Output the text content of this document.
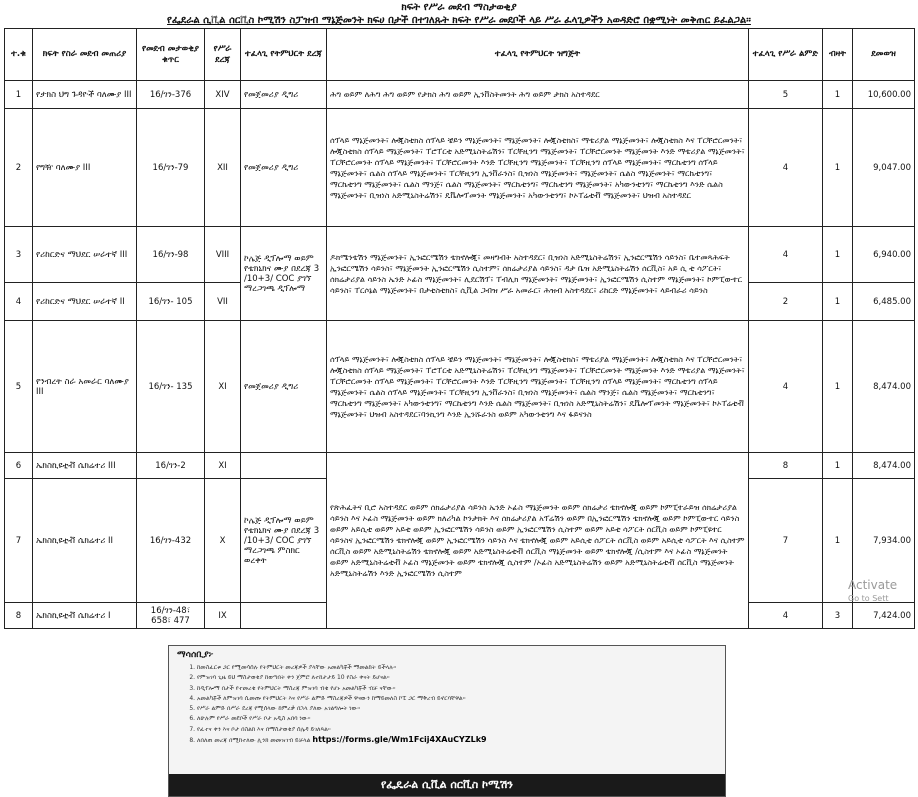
ክፍት የሥራ መደብ ማስታወቂያ
የፌደራል ሲቪል ሰርቪስ ኮሚሽን ስፓዝብ ማኔጅመንት ክፍሀ በታች በተገለጹት ክፍት የሥራ መደቦች ላይ ሥራ ፈላጊዎችን አወዳድሮ በቋሚነት መቅጠር ይፈልጋል።
ተ.ቁ	ክፍት የስራ መደብ መጠሪያ	የመደብ መታወቂያ ቁጥር	የሥራ ደረጃ	ተፈላጊ የትምህርት ደረጃ	ተፈላጊ የትምህርት ዝግጅት	ተፈላጊ የሥራ ልምድ	ብዛት	ደመወዝ
1	የታክስ ህግ ጉዳዮች ባለሙያ III	16/ገን-376	XIV	የመጀመሪያ ዲግሪ	ሕግ ወይም ለሕግ ሕግ ወይም የታክስ ሕግ ወይም ኢንቨስትመንት ሕግ ወይም ታክስ አስተዳደር	5	1	10,600.00
2	የግዥ ባለሙያ III	16/ገን-79	XII	የመጀመሪያ ዲግሪ	ሰፕላይ ማኔጅመንት፣ ሎጂስቲክስ ሰፕላይ ቼይን ማኔጅመንት፣ ማኔጅመንት፣ ሎጂስቲክስ፣ ማቴሪያል ማኔጅመንት፣ ሎጂስቲክስ እና ፐርቸሮርመንት፣ ሎጂስቲክስ ሰፕላይ ማኔጅመንት፣ ፐሮፐርቲ አድሚኒስትሬሽን፣ ፐርቸዚንግ ማኔጅመንት፣ ፐርቸሮርመንት ማኔጅመንት እንድ ማቴሪያል ማኔጅመንት፣ ፐርቸሮርመንት ሰፕላይ ማኔጅመንት፣ ፐርቸሮርመንት እንድ ፐርቸዚንግ ማኔጅመንት፣ ፐርቸዚንግ ሰፕላይ ማኔጅመንት፣ ማርኬቲንግ ሰፕላይ ማኔጅመንት፣ ሴልስ ሰፕላይ ማኔጅመንት፣ ፐርቸዚንግ ኢንቨራንስ፣ ቢዝነስ ማኔጅመንት፣ ማኔጅመንት፣ ሴልስ ማኔጅመንት፣ ማርኬቲንግ፣ ማርኬቲንግ ማኔጅመንት፣ ሴልስ ማንጅ፣ ሴልስ ማኔጅመንት፣ ማርኬቲንግ፣ ማርኬቲንግ ማኔጅመንት፣ አካውንቲንግ፣ ማርኬቲንግ እንድ ሴልስ ማኔጅመንት፣ ቢዝነስ አድሚኒስትሬሽን፣ ዴቬሎፕመንት ማኔጅመንት፣ አካውንቲንግ፣ ኮኦፐሬቲቭ ማኔጅመንት፣ ህዝብ አስተዳደር	4	1	9,047.00
3	የሪከርድና ማህደር ሠራተኛ III	16/ገን-98	VIII	ኮሌጅ ዲፕሎማ ወይም የቴክኒክና ሙያ በደረጃ 3 /10+3/ COC ያገኘ ማረጋገጫ ዲፕሎማ	ዶክሜንቴሽን ማኔጅመንት፣ ኢንፎርሜሽን ቴክኖሎጂ፣ መዛግብት አስተዳደር፣ ቢዝነስ አድሚኒስትሬሽን፣ ኢንፎርሜሽን ሳይንስ፣ ቤተመጻሕፍት ኢንፎርሜሽን ሳይንስ፣ ማኔጅመንት ኢንፎርሜሽን ሲስተም፣ ሰክሬታሪያል ሳይንስ፣ ዳታ ቤዝ አድሚኒስትሬሽን ሰርቪስ፣ አይ ሲ ቲ ሳፖርት፣ ሰክሬታሪያል ሳይንስ ኤንድ ኦፊስ ማኔጅመንት፣ ሊደርሽፕ፣ ፐብሊክ ማኔጅመንት፣ ማኔጅመንት፣ ኢንፎርሜሽን ሲስተም ማኔጅመንት፣ ኮምፒውተር ሳይንስ፣ ፐርሶኔል ማኔጅመንት፣ በታቲስቲክስ፣ ሲቪል ጋብዝ ሥራ አመራር፣ ሕዝብ አስተዳደር፣ ሪከርድ ማኔጅመንት፣ ላይብራሪ ሳይንስ	4	1	6,940.00
4	የሪከርድና ማህደር ሠራተኛ II	16/ገን- 105	VII			2	1	6,485.00
5	የንብረት ስራ አመራር ባለሙያ III	16/ገን- 135	XI	የመጀመሪያ ዲግሪ	ሰፕላይ ማኔጅመንት፣ ሎጂስቲክስ ሰፕላይ ቼይን ማኔጅመንት፣ ማኔጅመንት፣ ሎጂስቲክስ፣ ማቴሪያል ማኔጅመንት፣ ሎጂስቲክስ እና ፐርቸሮርመንት፣ ሎጂስቲክስ ሰፕላይ ማኔጅመንት፣ ፐሮፐርቲ አድሚኒስትሬሽን፣ ፐርቸዚንግ ማኔጅመንት፣ ፐርቸሮርመንት ማኔጅመንት እንድ ማቴሪያል ማኔጅመንት፣ ፐርቸሮርመንት ሰፕላይ ማኔጅመንት፣ ፐርቸሮርመንት እንድ ፐርቸዚንግ ማኔጅመንት፣ ፐርቸዚንግ ሰፕላይ ማኔጅመንት፣ ማርኬቲንግ ሰፕላይ ማኔጅመንት፣ ሴልስ ሰፕላይ ማኔጅመንት፣ ፐርቸዚንግ ኢንቨራንስ፣ ቢዝነስ ማኔጅመንት፣ ሴልስ ማንጅ፣ ሴልስ ማኔጅመንት፣ ማርኬቲንግ፣ ማርኬቲንግ ማኔጅመንት፣ አካውንቲንግ፣ ማርኬቲንግ እንድ ሴልስ ማኔጅመንት፣ ቢዝነስ አድሚኒስትሬሽን፣ ዴቬሎፕመንት ማኔጅመንት፣ ኮኦፐሬቲቭ ማኔጅመንት፣ ህዝብ አስተዳደር፣ባንኪንግ እንድ ኢንሹራንስ ወይም አካውንቲንግ እና ፋይናንስ	4	1	8,474.00
6	ኤክስኪዩቲቭ ሴክሬተሪ III	16/ገን-2	XI		የጽሕፈትና ቢሮ አስተዳደር ወይም ሰክሬታሪያል ሳይንስ ኤንድ ኦፊስ ማኔጅመንት ወይም ሰክሬታሪ ቴክኖሎጂ ወይም ኮምፒተራይዝ ሰክሬታሪያል ሳይንስ እና ኦፊስ ማኔጅመንት ወይም ክለሪካል ኮንታክት እና ሰክሬታሪያል አፕሬሽን ወይም በኢንፎርሜሽን ቴክኖሎጂ ወይም ኮምፒውተር ሳይንስ ወይም አይሲቲ ወይም አይቲ ወይም ኢንፎርሜሽን ሳይንስ ወይም ኢንፎርሜሽን ሲስተም ወይም አይቲ ሳፖርት ሰርቪስ ወይም ኮምፒዩተር ሳይንስና ኢንፎርሜሽን ቴክኖሎጂ ወይም ኢንፎርሜሽን ሳይንስ እና ቴክኖሎጂ ወይም አይሲቲ ሰፖርት ሰርቪስ ወይም አይሲቲ ሳፖርት እና ሲስተም ሰርቪስ ወይም አድሚኒስትሬሽን ቴክኖሎጂ ወይም አድሚኒስትሬቲቭ ሰርቪስ ማኔጅመንት ወይም ቴክኖሎጂ /ሲስተም እና ኦፊስ ማኔጅመንት ወይም አድሚኒስትሬቲቭ ኦፊስ ማኔጅመንት ወይም ቴክኖሎጂ ሲስተም /ኦፊስ አድሚኒስትሬሽን ወይም አድሚኒስትሬቲቭ ሰርቪስ ማኔጅመንት አድሚኒስትሬሽን እንድ ኢንፎርሜሽን ሲስተም	8	1	8,474.00
7	ኤክስኪዩቲቭ ሴክሬተሪ II	16/ገን-432	X	ኮሌጅ ዲፕሎማ ወይም የቴክኒክና ሙያ በደረጃ 3 /10+3/ COC ያገኘ ማረጋገጫ ምስክር ወረቀት		7	1	7,934.00
8	ኤክስኪዩቲቭ ሴክሬተሪ I	16/ገን-48፣ 658፣ 477	IX			4	3	7,424.00
ማሳሰቢያ፦
1. ከመስፈርቱ ጋር የሚመሳሰሉ የትምህርት መረጃዎች ያላቸው አመልካቾች ማመልከት ይችላሉ።
2. የምዝገባ ጊዜ ይህ ማስታወቂያ ከወጣበት ቀን ጀምሮ ለተከታታይ 10 የስራ ቀናት ይሆናል።
3. ከዲፕሎማ በታች የተመረቁ የትምህርት ማስረጃ ምዝገባ ብቁ የሆኑ አመልካቾች ብቻ ናቸው።
4. አመልካቾች ለምዝገባ ሲመጡ የትምህርት እና የሥራ ልምድ ማስረጃዎች ዋናውን ከማይመለስ ኮፒ ጋር ማቅረብ ይኖርባቸዋል።
5. የሥራ ልምድ በሥራ ደረጃ የሚሰላው ከምረቃ በኋላ ያለው አገልግሎት ነው።
6. ለሁሉም የሥራ መደቦች የሥራ ቦታ አዲስ አበባ ነው።
7. የፈተና ቀን እና ቦታ በስልክ እና በማስታወቂያ ሰሌዳ ይገለጻል።
8. ለበለጠ መረጃ በሚከተለው ሊንክ መመዝገብ ይቻላል https://forms.gle/Wm1Fcij4XAuCYZLk9
የፌዴራል ሲቪል ሰርቪስ ኮሚሽን
Activate
Go to Sett
